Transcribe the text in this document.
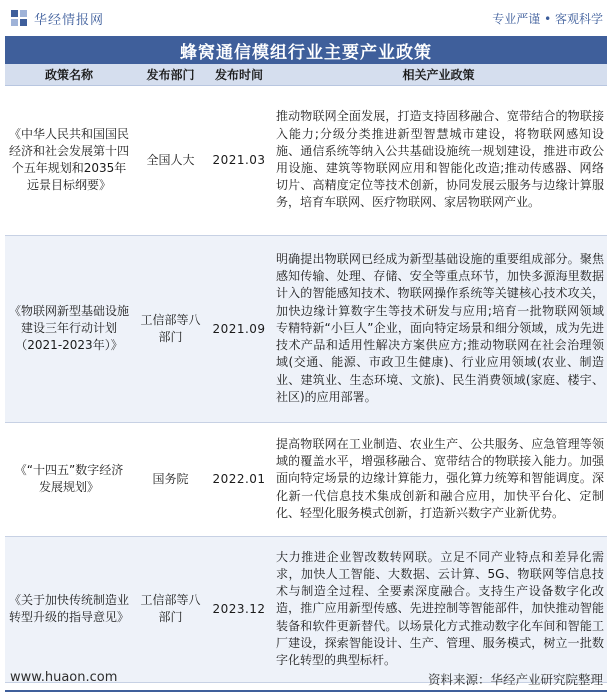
华经情报网	专业严谨 • 客观科学
蜂窝通信模组行业主要产业政策
政策名称	发布部门	发布时间	相关产业政策
《中华人民共和国国民经济和社会发展第十四个五年规划和2035年远景目标纲要》	全国人大	2021.03	推动物联网全面发展，打造支持固移融合、宽带结合的物联接入能力;分级分类推进新型智慧城市建设，将物联网感知设施、通信系统等纳入公共基础设施统一规划建设，推进市政公用设施、建筑等物联网应用和智能化改造;推动传感器、网络切片、高精度定位等技术创新，协同发展云服务与边缘计算服务，培育车联网、医疗物联网、家居物联网产业。
《物联网新型基础设施建设三年行动计划（2021-2023年）》	工信部等八部门	2021.09	明确提出物联网已经成为新型基础设施的重要组成部分。聚焦感知传输、处理、存储、安全等重点环节，加快多源海里数据计入的智能感知技术、物联网操作系统等关键核心技术攻关，加快边缘计算数字生等技术研发与应用;培育一批物联网领域专精特新“小巨人”企业，面向特定场景和细分领域，成为先进技术产品和适用性解决方案供应方;推动物联网在社会治理领域(交通、能源、市政卫生健康)、行业应用领域(农业、制造业、建筑业、生态环境、文旅)、民生消费领域(家庭、楼宇、社区)的应用部署。
《“十四五”数字经济发展规划》	国务院	2022.01	提高物联网在工业制造、农业生产、公共服务、应急管理等领域的覆盖水平，增强移融合、宽带结合的物联接入能力。加强面向特定场景的边缘计算能力，强化算力统筹和智能调度。深化新一代信息技术集成创新和融合应用，加快平台化、定制化、轻型化服务模式创新，打造新兴数字产业新优势。
《关于加快传统制造业转型升级的指导意见》	工信部等八部门	2023.12	大力推进企业智改数转网联。立足不同产业特点和差异化需求，加快人工智能、大数据、云计算、5G、物联网等信息技术与制造全过程、全要素深度融合。支持生产设备数字化改造，推广应用新型传感、先进控制等智能部件，加快推动智能装备和软件更新替代。以场景化方式推动数字化车间和智能工厂建设，探索智能设计、生产、管理、服务模式，树立一批数字化转型的典型标杆。
www.huaon.com	资料来源：华经产业研究院整理
